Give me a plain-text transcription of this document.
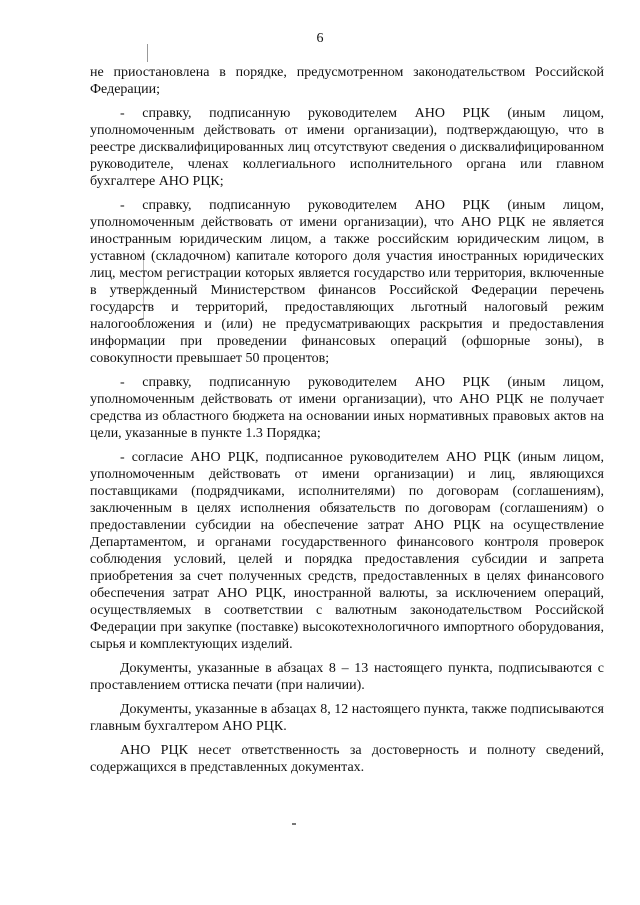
6

не приостановлена в порядке, предусмотренном законодательством Российской Федерации;

- справку, подписанную руководителем АНО РЦК (иным лицом, уполномоченным действовать от имени организации), подтверждающую, что в реестре дисквалифицированных лиц отсутствуют сведения о дисквалифицированном руководителе, членах коллегиального исполнительного органа или главном бухгалтере АНО РЦК;

- справку, подписанную руководителем АНО РЦК (иным лицом, уполномоченным действовать от имени организации), что АНО РЦК не является иностранным юридическим лицом, а также российским юридическим лицом, в уставном (складочном) капитале которого доля участия иностранных юридических лиц, местом регистрации которых является государство или территория, включенные в утвержденный Министерством финансов Российской Федерации перечень государств и территорий, предоставляющих льготный налоговый режим налогообложения и (или) не предусматривающих раскрытия и предоставления информации при проведении финансовых операций (офшорные зоны), в совокупности превышает 50 процентов;

- справку, подписанную руководителем АНО РЦК (иным лицом, уполномоченным действовать от имени организации), что АНО РЦК не получает средства из областного бюджета на основании иных нормативных правовых актов на цели, указанные в пункте 1.3 Порядка;

- согласие АНО РЦК, подписанное руководителем АНО РЦК (иным лицом, уполномоченным действовать от имени организации) и лиц, являющихся поставщиками (подрядчиками, исполнителями) по договорам (соглашениям), заключенным в целях исполнения обязательств по договорам (соглашениям) о предоставлении субсидии на обеспечение затрат АНО РЦК на осуществление Департаментом, и органами государственного финансового контроля проверок соблюдения условий, целей и порядка предоставления субсидии и запрета приобретения за счет полученных средств, предоставленных в целях финансового обеспечения затрат АНО РЦК, иностранной валюты, за исключением операций, осуществляемых в соответствии с валютным законодательством Российской Федерации при закупке (поставке) высокотехнологичного импортного оборудования, сырья и комплектующих изделий.

Документы, указанные в абзацах 8 – 13 настоящего пункта, подписываются с проставлением оттиска печати (при наличии).

Документы, указанные в абзацах 8, 12 настоящего пункта, также подписываются главным бухгалтером АНО РЦК.

АНО РЦК несет ответственность за достоверность и полноту сведений, содержащихся в представленных документах.
